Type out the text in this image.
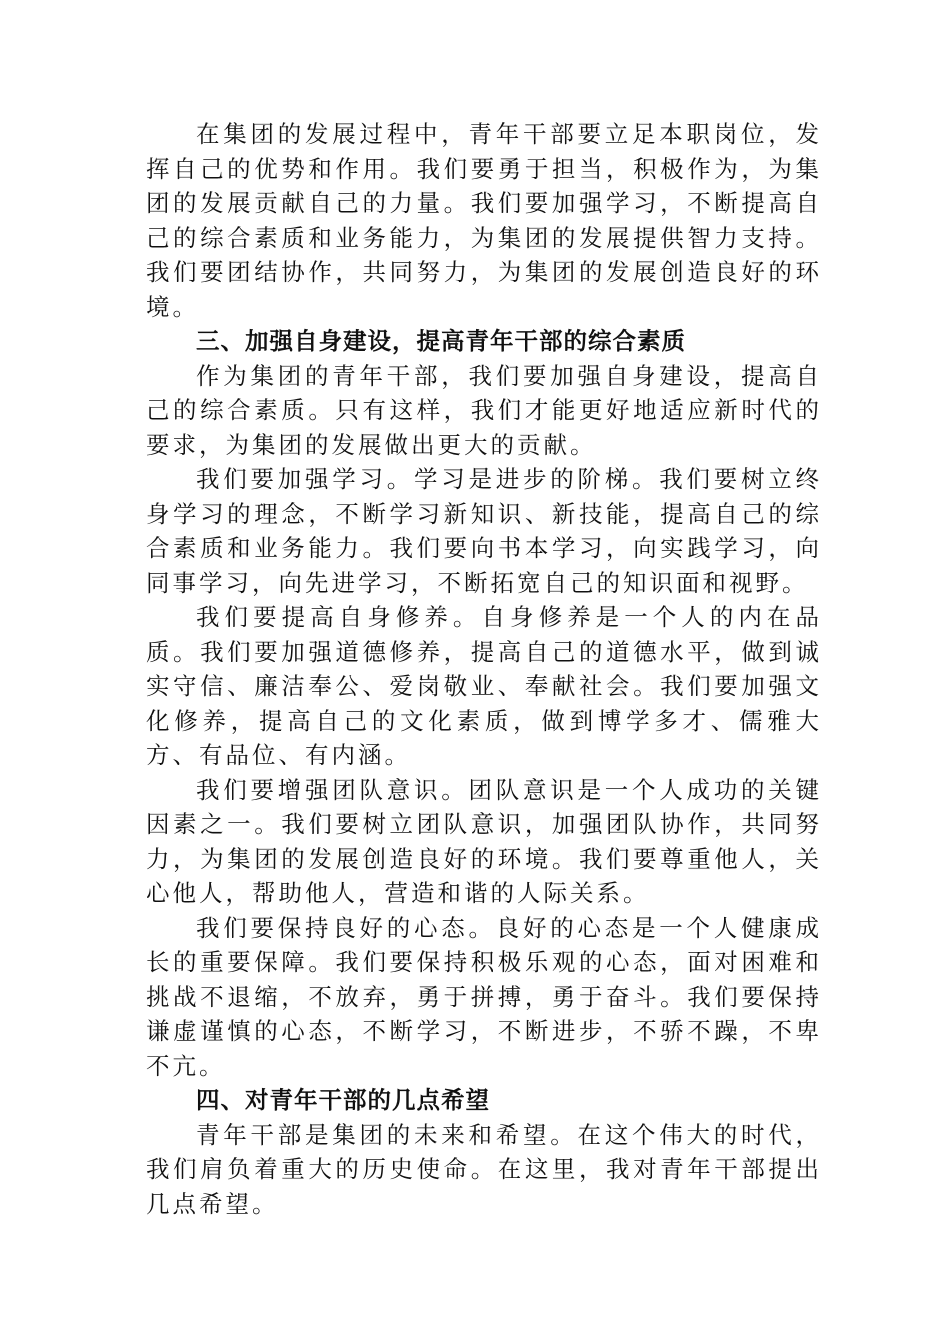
在集团的发展过程中，青年干部要立足本职岗位，发挥自己的优势和作用。我们要勇于担当，积极作为，为集团的发展贡献自己的力量。我们要加强学习，不断提高自己的综合素质和业务能力，为集团的发展提供智力支持。我们要团结协作，共同努力，为集团的发展创造良好的环境。

三、加强自身建设，提高青年干部的综合素质

作为集团的青年干部，我们要加强自身建设，提高自己的综合素质。只有这样，我们才能更好地适应新时代的要求，为集团的发展做出更大的贡献。

我们要加强学习。学习是进步的阶梯。我们要树立终身学习的理念，不断学习新知识、新技能，提高自己的综合素质和业务能力。我们要向书本学习，向实践学习，向同事学习，向先进学习，不断拓宽自己的知识面和视野。

我们要提高自身修养。自身修养是一个人的内在品质。我们要加强道德修养，提高自己的道德水平，做到诚实守信、廉洁奉公、爱岗敬业、奉献社会。我们要加强文化修养，提高自己的文化素质，做到博学多才、儒雅大方、有品位、有内涵。

我们要增强团队意识。团队意识是一个人成功的关键因素之一。我们要树立团队意识，加强团队协作，共同努力，为集团的发展创造良好的环境。我们要尊重他人，关心他人，帮助他人，营造和谐的人际关系。

我们要保持良好的心态。良好的心态是一个人健康成长的重要保障。我们要保持积极乐观的心态，面对困难和挑战不退缩，不放弃，勇于拼搏，勇于奋斗。我们要保持谦虚谨慎的心态，不断学习，不断进步，不骄不躁，不卑不亢。

四、对青年干部的几点希望

青年干部是集团的未来和希望。在这个伟大的时代，我们肩负着重大的历史使命。在这里，我对青年干部提出几点希望。
